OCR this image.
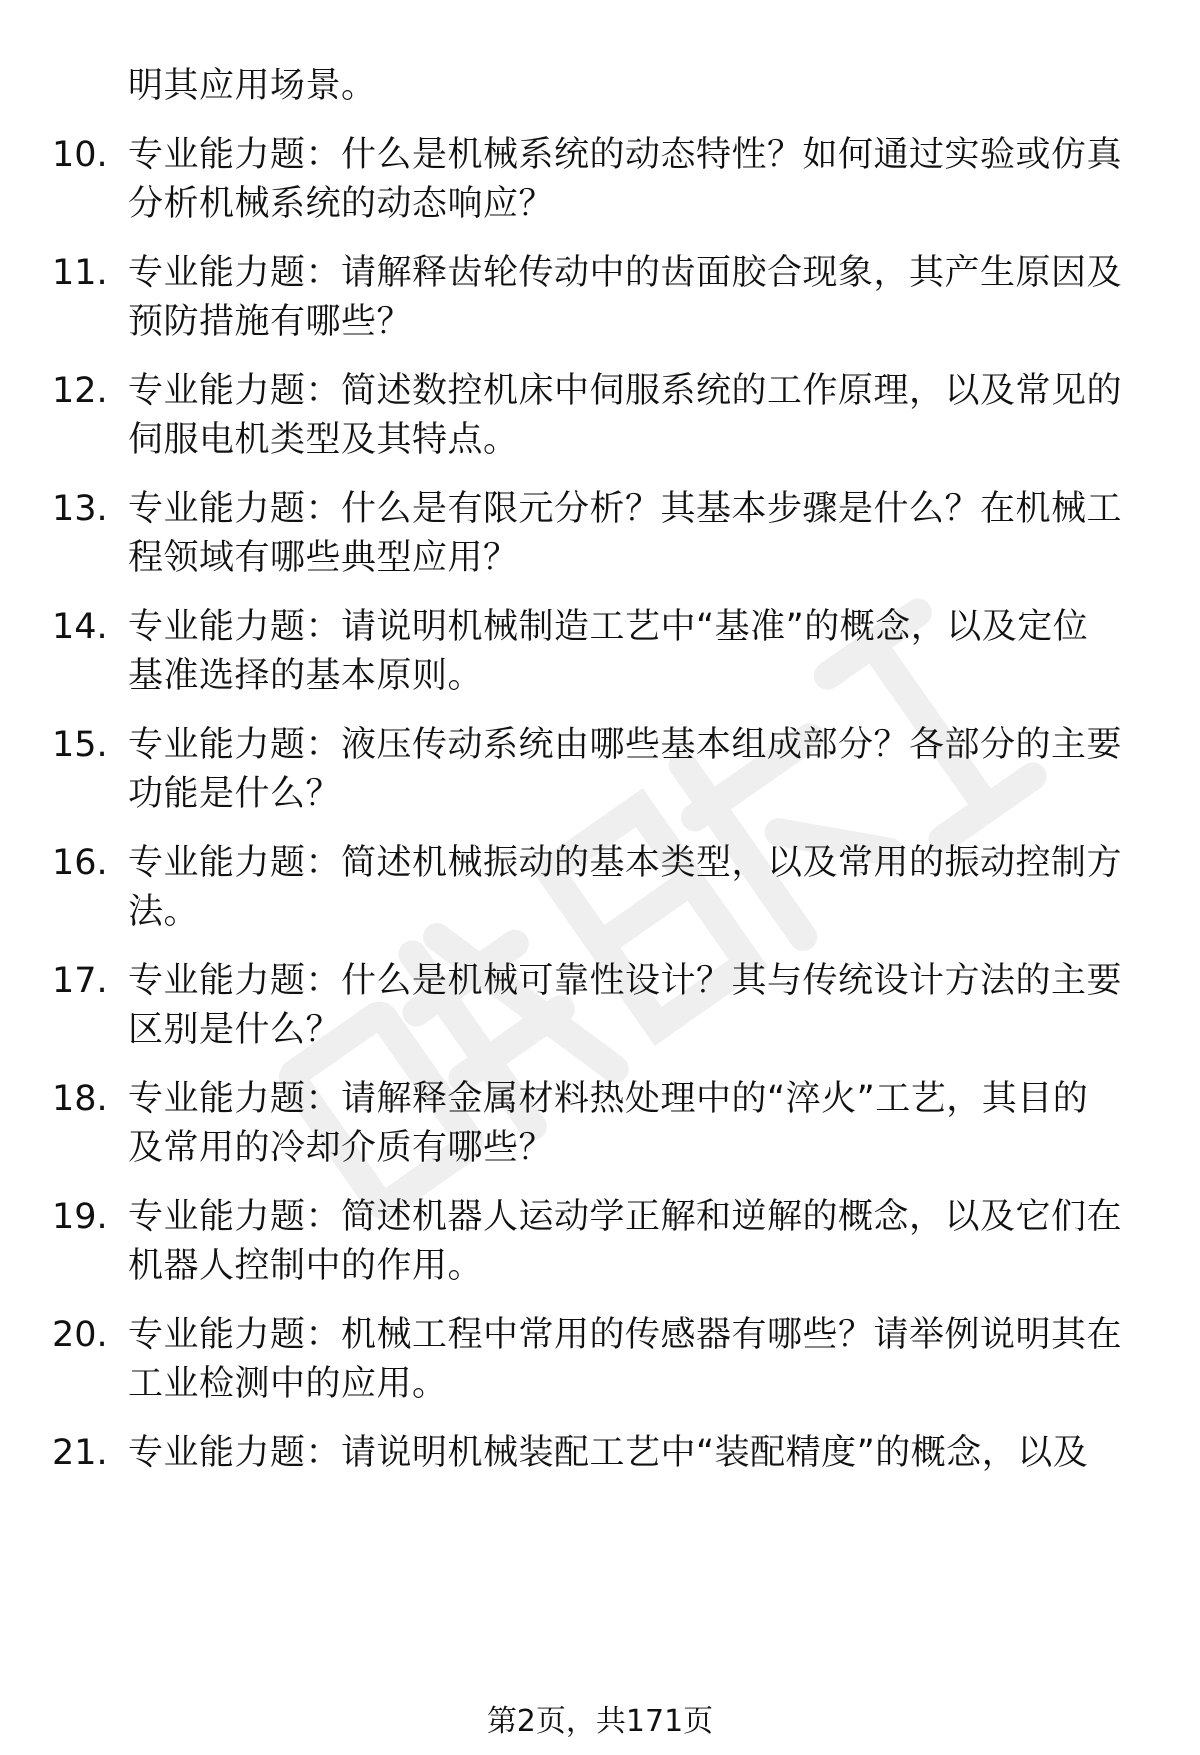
明其应用场景。
10. 专业能力题：什么是机械系统的动态特性？如何通过实验或仿真
分析机械系统的动态响应？
11. 专业能力题：请解释齿轮传动中的齿面胶合现象，其产生原因及
预防措施有哪些？
12. 专业能力题：简述数控机床中伺服系统的工作原理，以及常见的
伺服电机类型及其特点。
13. 专业能力题：什么是有限元分析？其基本步骤是什么？在机械工
程领域有哪些典型应用？
14. 专业能力题：请说明机械制造工艺中“基准”的概念，以及定位
基准选择的基本原则。
15. 专业能力题：液压传动系统由哪些基本组成部分？各部分的主要
功能是什么？
16. 专业能力题：简述机械振动的基本类型，以及常用的振动控制方
法。
17. 专业能力题：什么是机械可靠性设计？其与传统设计方法的主要
区别是什么？
18. 专业能力题：请解释金属材料热处理中的“淬火”工艺，其目的
及常用的冷却介质有哪些？
19. 专业能力题：简述机器人运动学正解和逆解的概念，以及它们在
机器人控制中的作用。
20. 专业能力题：机械工程中常用的传感器有哪些？请举例说明其在
工业检测中的应用。
21. 专业能力题：请说明机械装配工艺中“装配精度”的概念，以及
第2页，共171页
